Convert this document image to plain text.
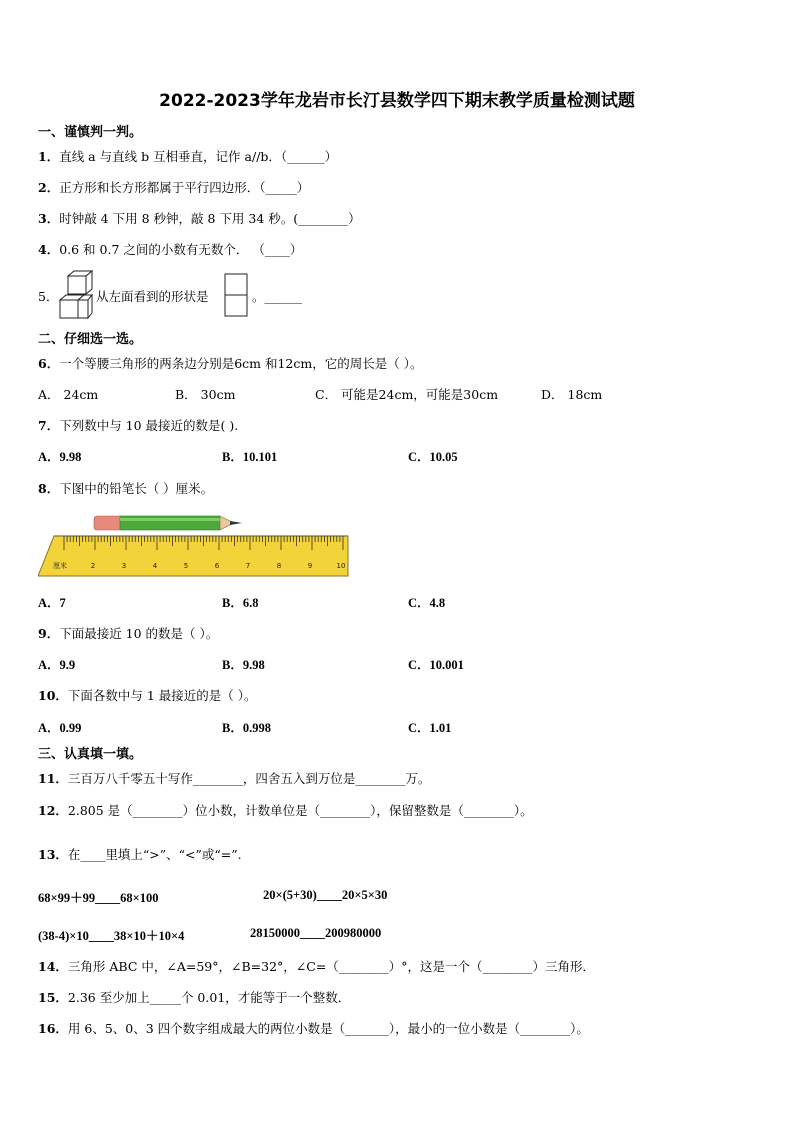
2022-2023学年龙岩市长汀县数学四下期末教学质量检测试题
一、谨慎判一判。
1．直线 a 与直线 b 互相垂直，记作 a//b．（______）
2．正方形和长方形都属于平行四边形．（_____）
3．时钟敲 4 下用 8 秒钟，敲 8 下用 34 秒。(________）
4．0.6 和 0.7 之间的小数有无数个． （____）
5．	从左面看到的形状是	。______
二、仔细选一选。
6．一个等腰三角形的两条边分别是6cm 和12cm，它的周长是（ ）。
A． 24cm	B． 30cm	C． 可能是24cm，可能是30cm	D． 18cm
7．下列数中与 10 最接近的数是( ).
A．9.98	B．10.101	C．10.05
8．下图中的铅笔长（ ）厘米。
厘米	2	3	4	5	6	7	8	9	10
A．7	B．6.8	C．4.8
9．下面最接近 10 的数是（ ）。
A．9.9	B．9.98	C．10.001
10．下面各数中与 1 最接近的是（ ）。
A．0.99	B．0.998	C．1.01
三、认真填一填。
11．三百万八千零五十写作________，四舍五入到万位是________万。
12．2.805 是（________）位小数，计数单位是（________），保留整数是（________）。
13．在____里填上“>”、“<”或“=”.
68×99＋99____68×100	20×(5+30)____20×5×30
(38-4)×10____38×10＋10×4	28150000____200980000
14．三角形 ABC 中，∠A=59°，∠B=32°，∠C=（________）°，这是一个（________）三角形．
15．2.36 至少加上_____个 0.01，才能等于一个整数．
16．用 6、5、0、3 四个数字组成最大的两位小数是（_______），最小的一位小数是（________）。
